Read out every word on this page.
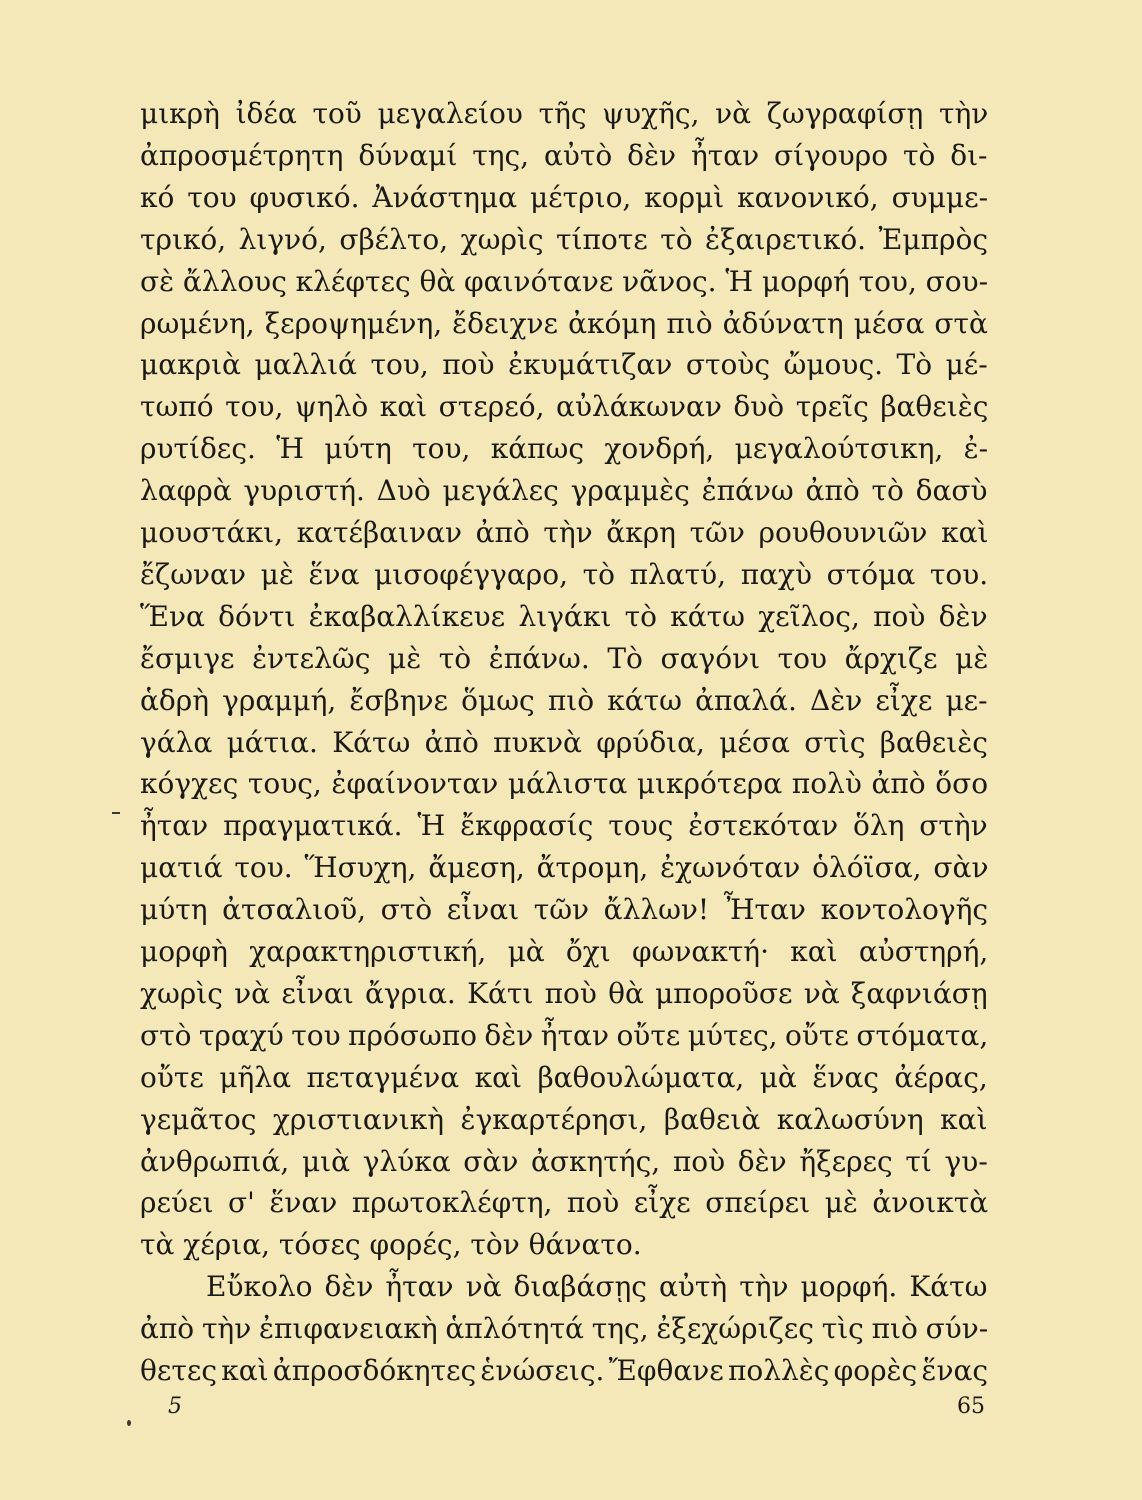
μικρὴ ἰδέα τοῦ μεγαλείου τῆς ψυχῆς, νὰ ζωγραφίσῃ τὴν
ἀπροσμέτρητη δύναμί της, αὐτὸ δὲν ἦταν σίγουρο τὸ δι-
κό του φυσικό. Ἀνάστημα μέτριο, κορμὶ κανονικό, συμμε-
τρικό, λιγνό, σβέλτο, χωρὶς τίποτε τὸ ἐξαιρετικό. Ἐμπρὸς
σὲ ἄλλους κλέφτες θὰ φαινότανε νᾶνος. Ἡ μορφή του, σου-
ρωμένη, ξεροψημένη, ἔδειχνε ἀκόμη πιὸ ἀδύνατη μέσα στὰ
μακριὰ μαλλιά του, ποὺ ἐκυμάτιζαν στοὺς ὤμους. Τὸ μέ-
τωπό του, ψηλὸ καὶ στερεό, αὐλάκωναν δυὸ τρεῖς βαθειὲς
ρυτίδες. Ἡ μύτη του, κάπως χονδρή, μεγαλούτσικη, ἐ-
λαφρὰ γυριστή. Δυὸ μεγάλες γραμμὲς ἐπάνω ἀπὸ τὸ δασὺ
μουστάκι, κατέβαιναν ἀπὸ τὴν ἄκρη τῶν ρουθουνιῶν καὶ
ἔζωναν μὲ ἕνα μισοφέγγαρο, τὸ πλατύ, παχὺ στόμα του.
Ἕνα δόντι ἐκαβαλλίκευε λιγάκι τὸ κάτω χεῖλος, ποὺ δὲν
ἔσμιγε ἐντελῶς μὲ τὸ ἐπάνω. Τὸ σαγόνι του ἄρχιζε μὲ
ἁδρὴ γραμμή, ἔσβηνε ὅμως πιὸ κάτω ἀπαλά. Δὲν εἶχε με-
γάλα μάτια. Κάτω ἀπὸ πυκνὰ φρύδια, μέσα στὶς βαθειὲς
κόγχες τους, ἐφαίνονταν μάλιστα μικρότερα πολὺ ἀπὸ ὅσο
ἦταν πραγματικά. Ἡ ἔκφρασίς τους ἐστεκόταν ὅλη στὴν
ματιά του. Ἥσυχη, ἄμεση, ἄτρομη, ἐχωνόταν ὁλόϊσα, σὰν
μύτη ἀτσαλιοῦ, στὸ εἶναι τῶν ἄλλων! Ἦταν κοντολογῆς
μορφὴ χαρακτηριστική, μὰ ὄχι φωνακτή· καὶ αὐστηρή,
χωρὶς νὰ εἶναι ἄγρια. Κάτι ποὺ θὰ μποροῦσε νὰ ξαφνιάσῃ
στὸ τραχύ του πρόσωπο δὲν ἦταν οὔτε μύτες, οὔτε στόματα,
οὔτε μῆλα πεταγμένα καὶ βαθουλώματα, μὰ ἕνας ἀέρας,
γεμᾶτος χριστιανικὴ ἐγκαρτέρησι, βαθειὰ καλωσύνη καὶ
ἀνθρωπιά, μιὰ γλύκα σὰν ἀσκητής, ποὺ δὲν ἤξερες τί γυ-
ρεύει σ' ἕναν πρωτοκλέφτη, ποὺ εἶχε σπείρει μὲ ἀνοικτὰ
τὰ χέρια, τόσες φορές, τὸν θάνατο.
Εὔκολο δὲν ἦταν νὰ διαβάσῃς αὐτὴ τὴν μορφή. Κάτω
ἀπὸ τὴν ἐπιφανειακὴ ἁπλότητά της, ἐξεχώριζες τὶς πιὸ σύν-
θετες καὶ ἀπροσδόκητες ἑνώσεις. Ἔφθανε πολλὲς φορὲς ἕνας
5	65
